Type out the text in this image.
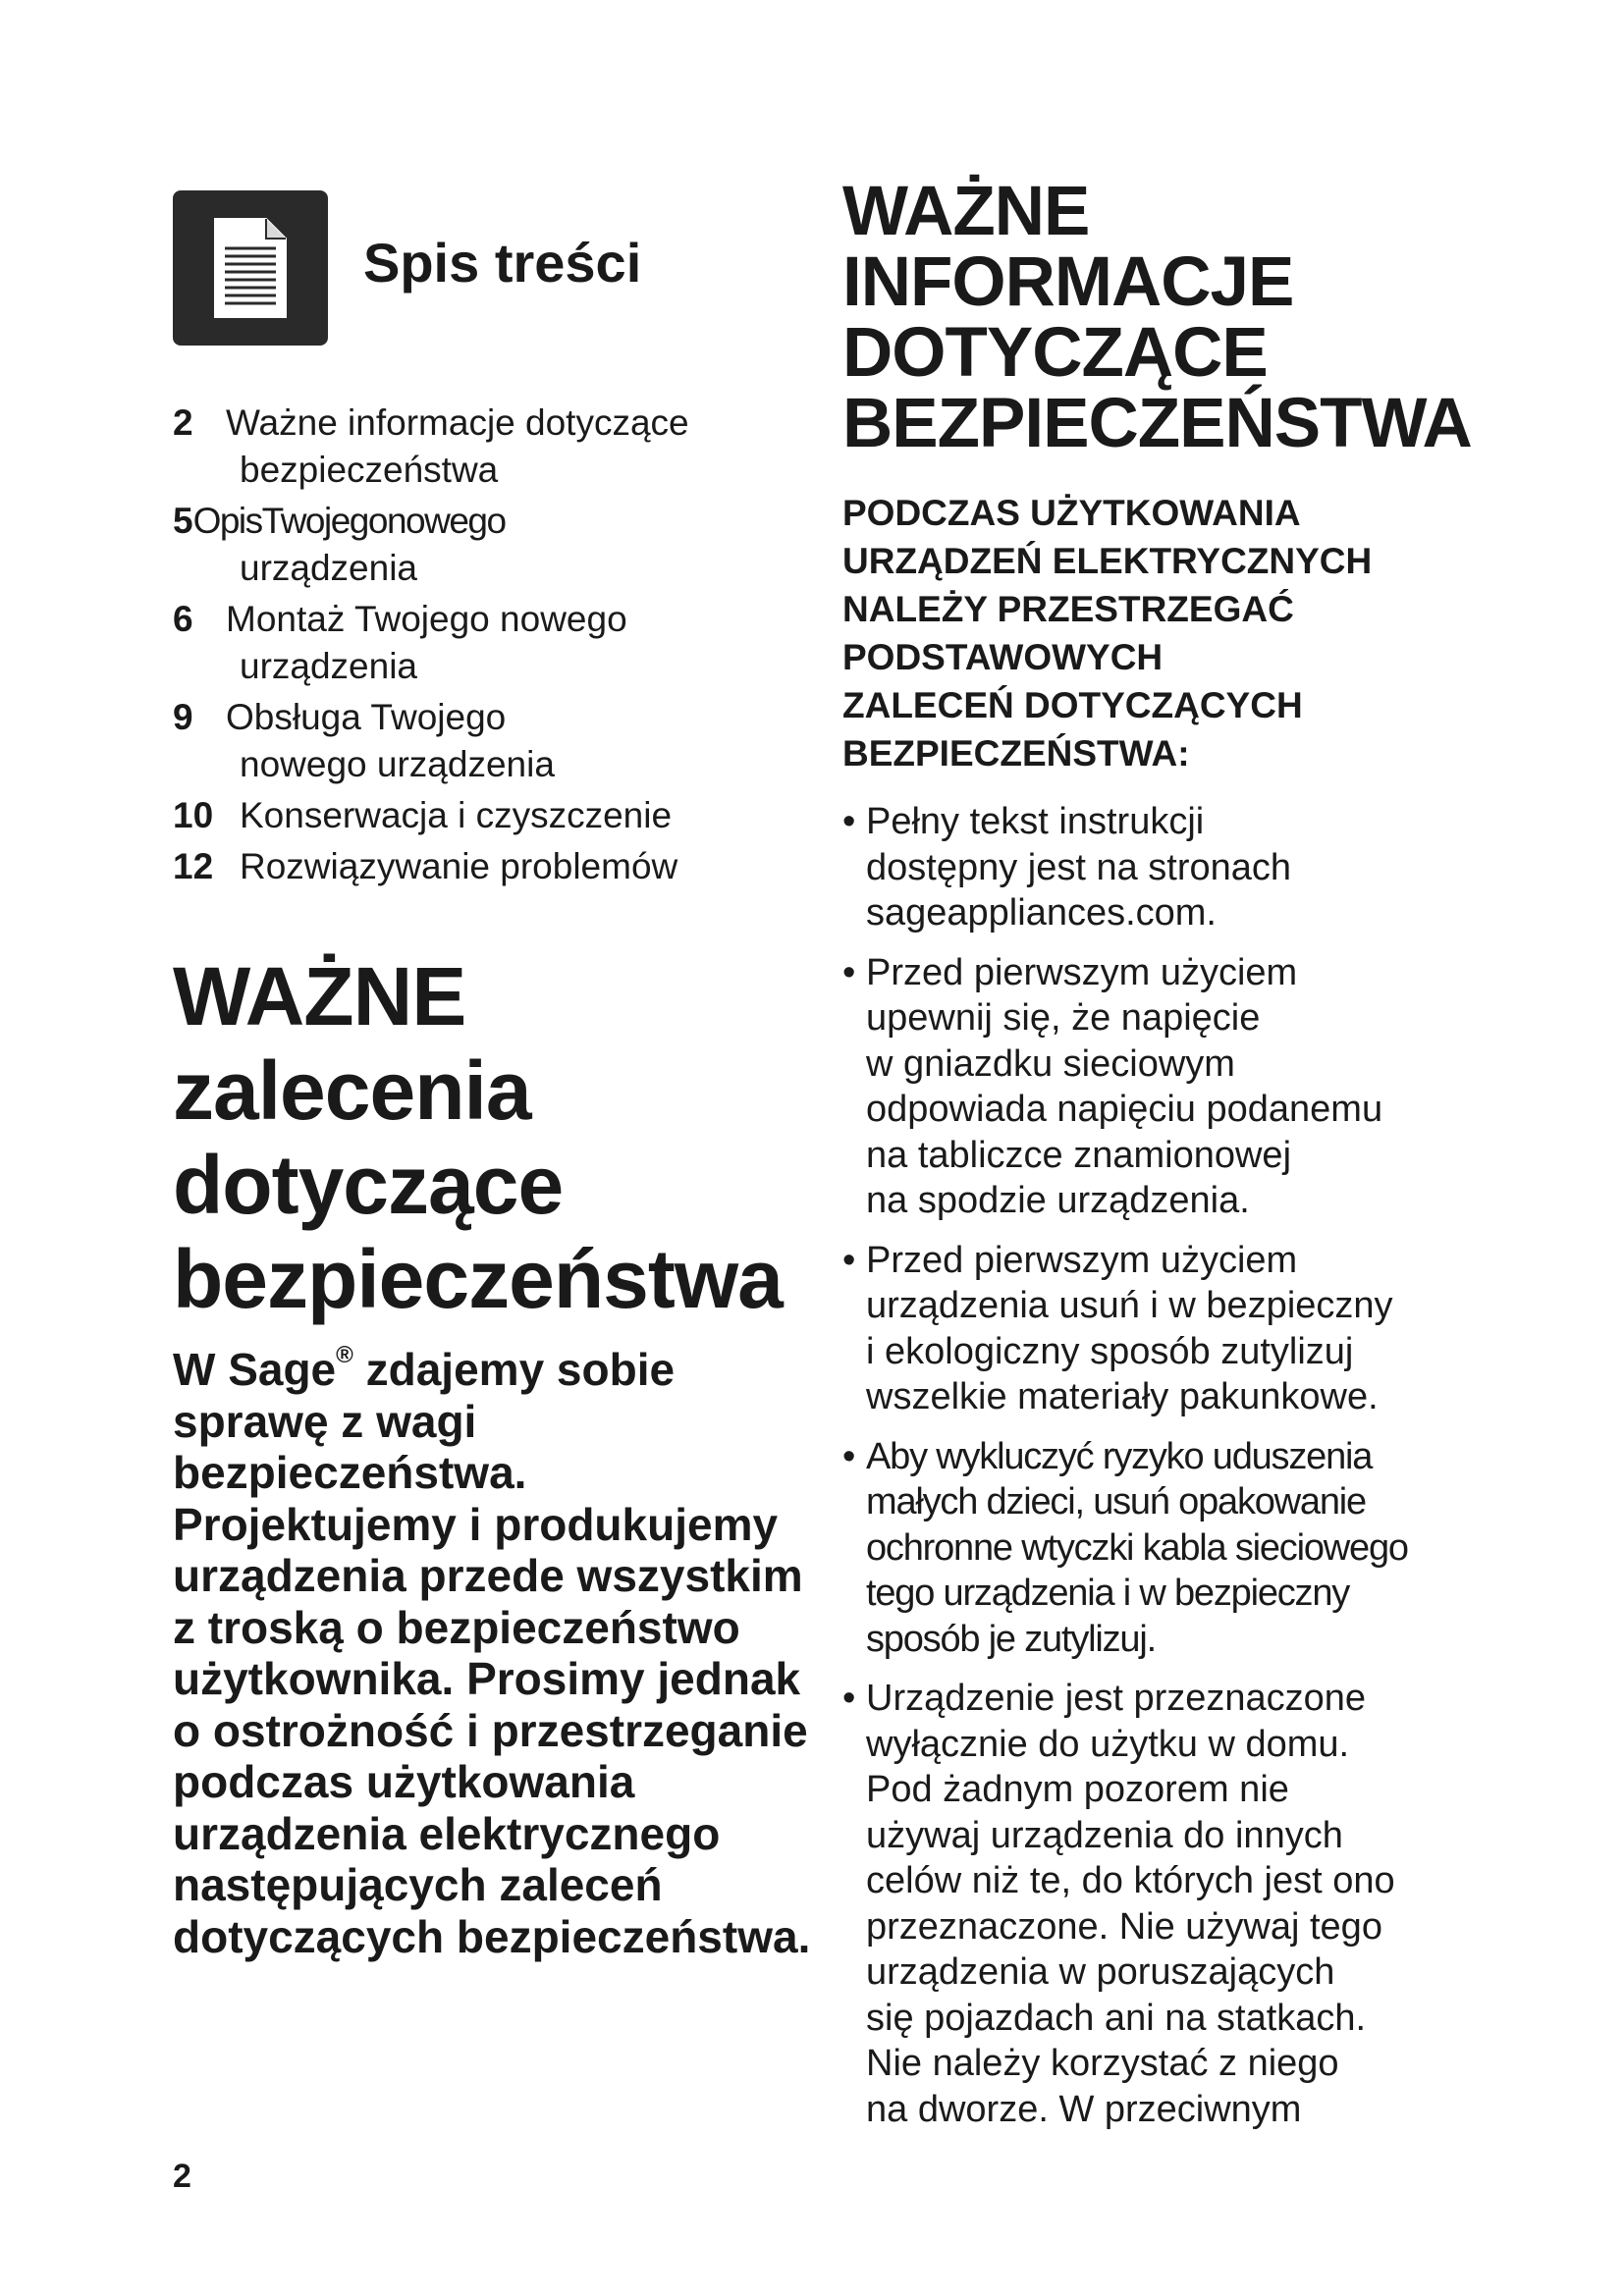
Spis treści
2 Ważne informacje dotyczące
bezpieczeństwa
5 OpisTwojegonowego
urządzenia
6 Montaż Twojego nowego
urządzenia
9 Obsługa Twojego
nowego urządzenia
10 Konserwacja i czyszczenie
12 Rozwiązywanie problemów
WAŻNE zalecenia dotyczące bezpieczeństwa
W Sage® zdajemy sobie sprawę z wagi bezpieczeństwa. Projektujemy i produkujemy urządzenia przede wszystkim z troską o bezpieczeństwo użytkownika. Prosimy jednak o ostrożność i przestrzeganie podczas użytkowania urządzenia elektrycznego następujących zaleceń dotyczących bezpieczeństwa.
WAŻNE
INFORMACJE
DOTYCZĄCE
BEZPIECZEŃSTWA
PODCZAS UŻYTKOWANIA
URZĄDZEŃ ELEKTRYCZNYCH
NALEŻY PRZESTRZEGAĆ
PODSTAWOWYCH
ZALECEŃ DOTYCZĄCYCH
BEZPIECZEŃSTWA:
• Pełny tekst instrukcji
dostępny jest na stronach
sageappliances.com.
• Przed pierwszym użyciem
upewnij się, że napięcie
w gniazdku sieciowym
odpowiada napięciu podanemu
na tabliczce znamionowej
na spodzie urządzenia.
• Przed pierwszym użyciem
urządzenia usuń i w bezpieczny
i ekologiczny sposób zutylizuj
wszelkie materiały pakunkowe.
• Aby wykluczyć ryzyko uduszenia
małych dzieci, usuń opakowanie
ochronne wtyczki kabla sieciowego
tego urządzenia i w bezpieczny
sposób je zutylizuj.
• Urządzenie jest przeznaczone
wyłącznie do użytku w domu.
Pod żadnym pozorem nie
używaj urządzenia do innych
celów niż te, do których jest ono
przeznaczone. Nie używaj tego
urządzenia w poruszających
się pojazdach ani na statkach.
Nie należy korzystać z niego
na dworze. W przeciwnym
2
